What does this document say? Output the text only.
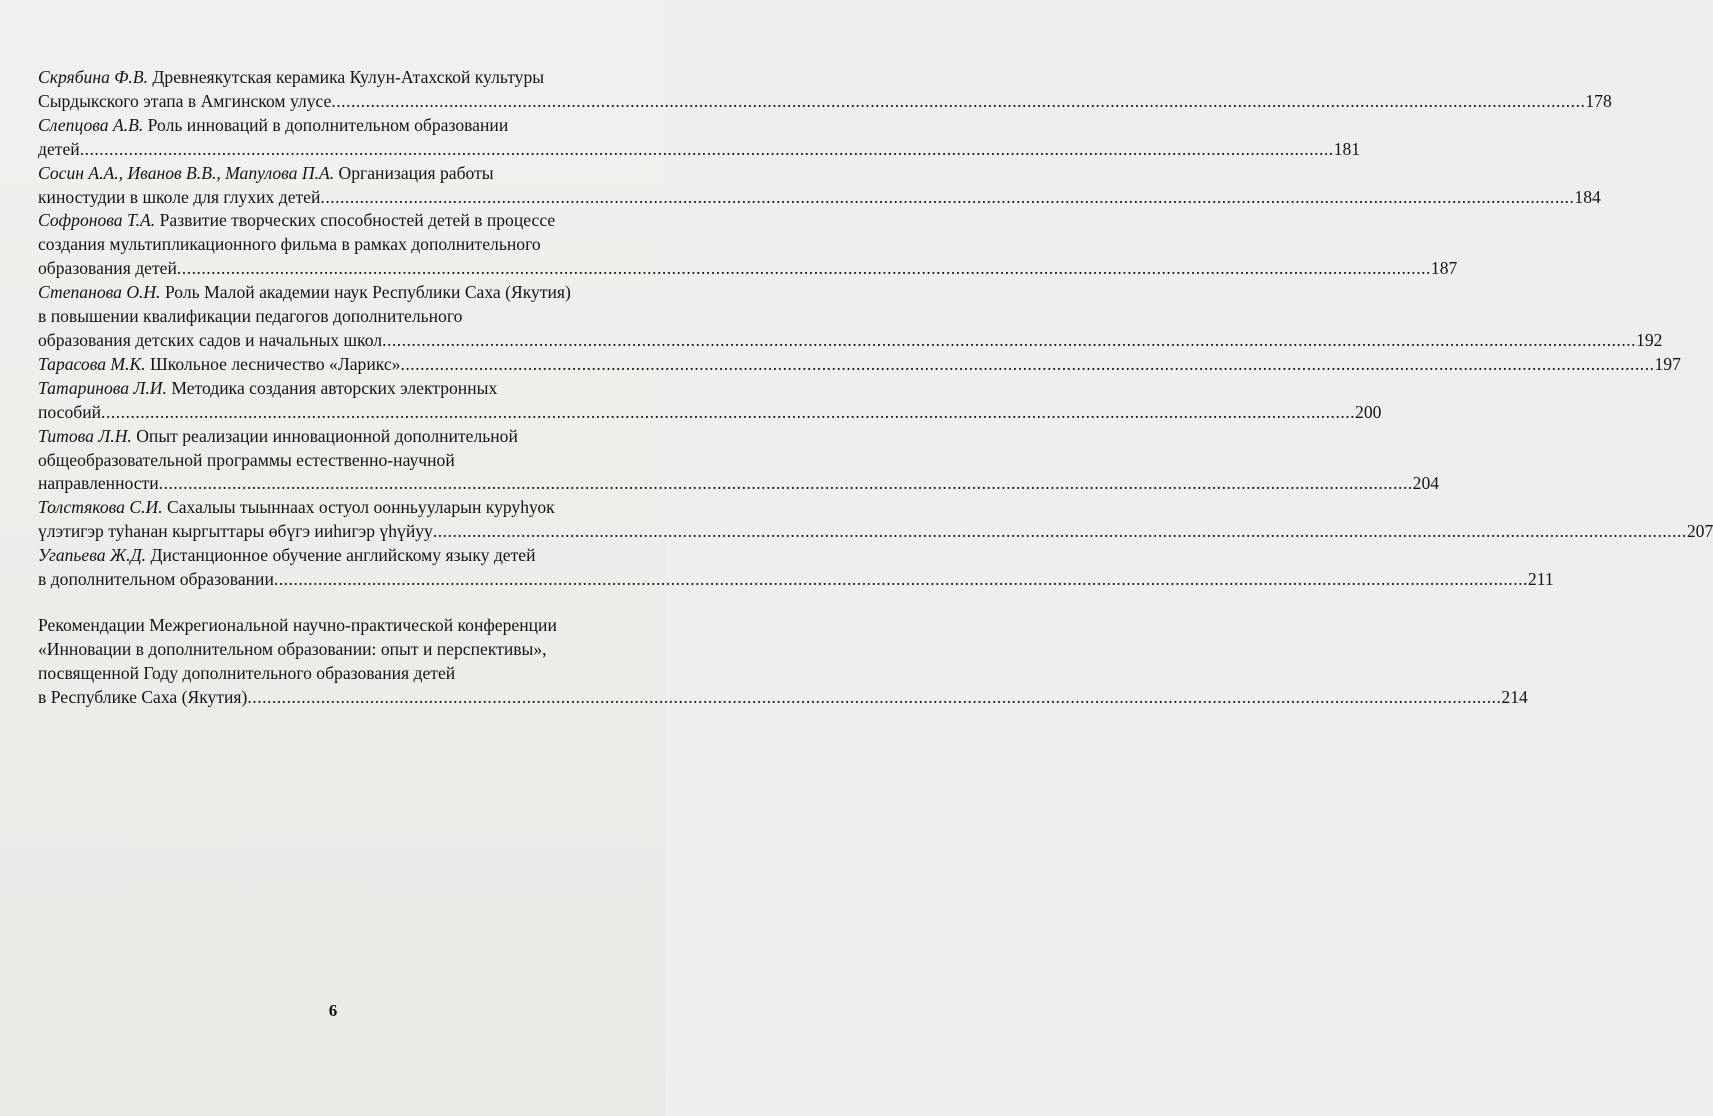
Скрябина Ф.В. Древнеякутская керамика Кулун-Атахской культуры
Сырдыкского этапа в Амгинском улусе .....	178
Слепцова А.В. Роль инноваций в дополнительном образовании
детей .....	181
Сосин А.А., Иванов В.В., Мапулова П.А. Организация работы
киностудии в школе для глухих детей .....	184
Софронова Т.А. Развитие творческих способностей детей в процессе
создания мультипликационного фильма в рамках дополнительного
образования детей .....	187
Степанова О.Н. Роль Малой академии наук Республики Саха (Якутия)
в повышении квалификации педагогов дополнительного
образования детских садов и начальных школ .....	192
Тарасова М.К. Школьное лесничество «Ларикс» .....	197
Татаринова Л.И. Методика создания авторских электронных
пособий .....	200
Титова Л.Н. Опыт реализации инновационной дополнительной
общеобразовательной программы естественно-научной
направленности .....	204
Толстякова С.И. Сахалыы тыыннаах остуол оонньууларын куруһуок
үлэтигэр туһанан кыргыттары өбүгэ ииһигэр үһүйуу .....	207
Угапьева Ж.Д. Дистанционное обучение английскому языку детей
в дополнительном образовании .....	211
Рекомендации Межрегиональной научно-практической конференции
«Инновации в дополнительном образовании: опыт и перспективы»,
посвященной Году дополнительного образования детей
в Республике Саха (Якутия) .....	214
6
